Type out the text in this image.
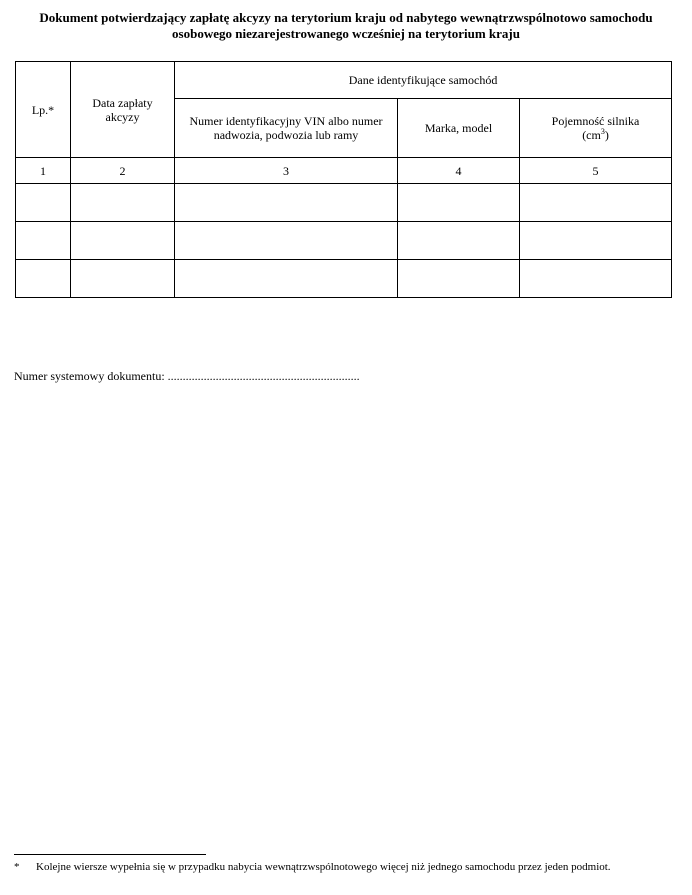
Dokument potwierdzający zapłatę akcyzy na terytorium kraju od nabytego wewnątrzwspólnotowo samochodu
osobowego niezarejestrowanego wcześniej na terytorium kraju
Lp.*	Data zapłaty akcyzy	Dane identyfikujące samochód		
		Numer identyfikacyjny VIN albo numer nadwozia, podwozia lub ramy	Marka, model	Pojemność silnika
$(cm^3)$
1	2	3	4	5

Numer systemowy dokumentu: ................................................................
* Kolejne wiersze wypełnia się w przypadku nabycia wewnątrzwspólnotowego więcej niż jednego samochodu przez jeden podmiot.
